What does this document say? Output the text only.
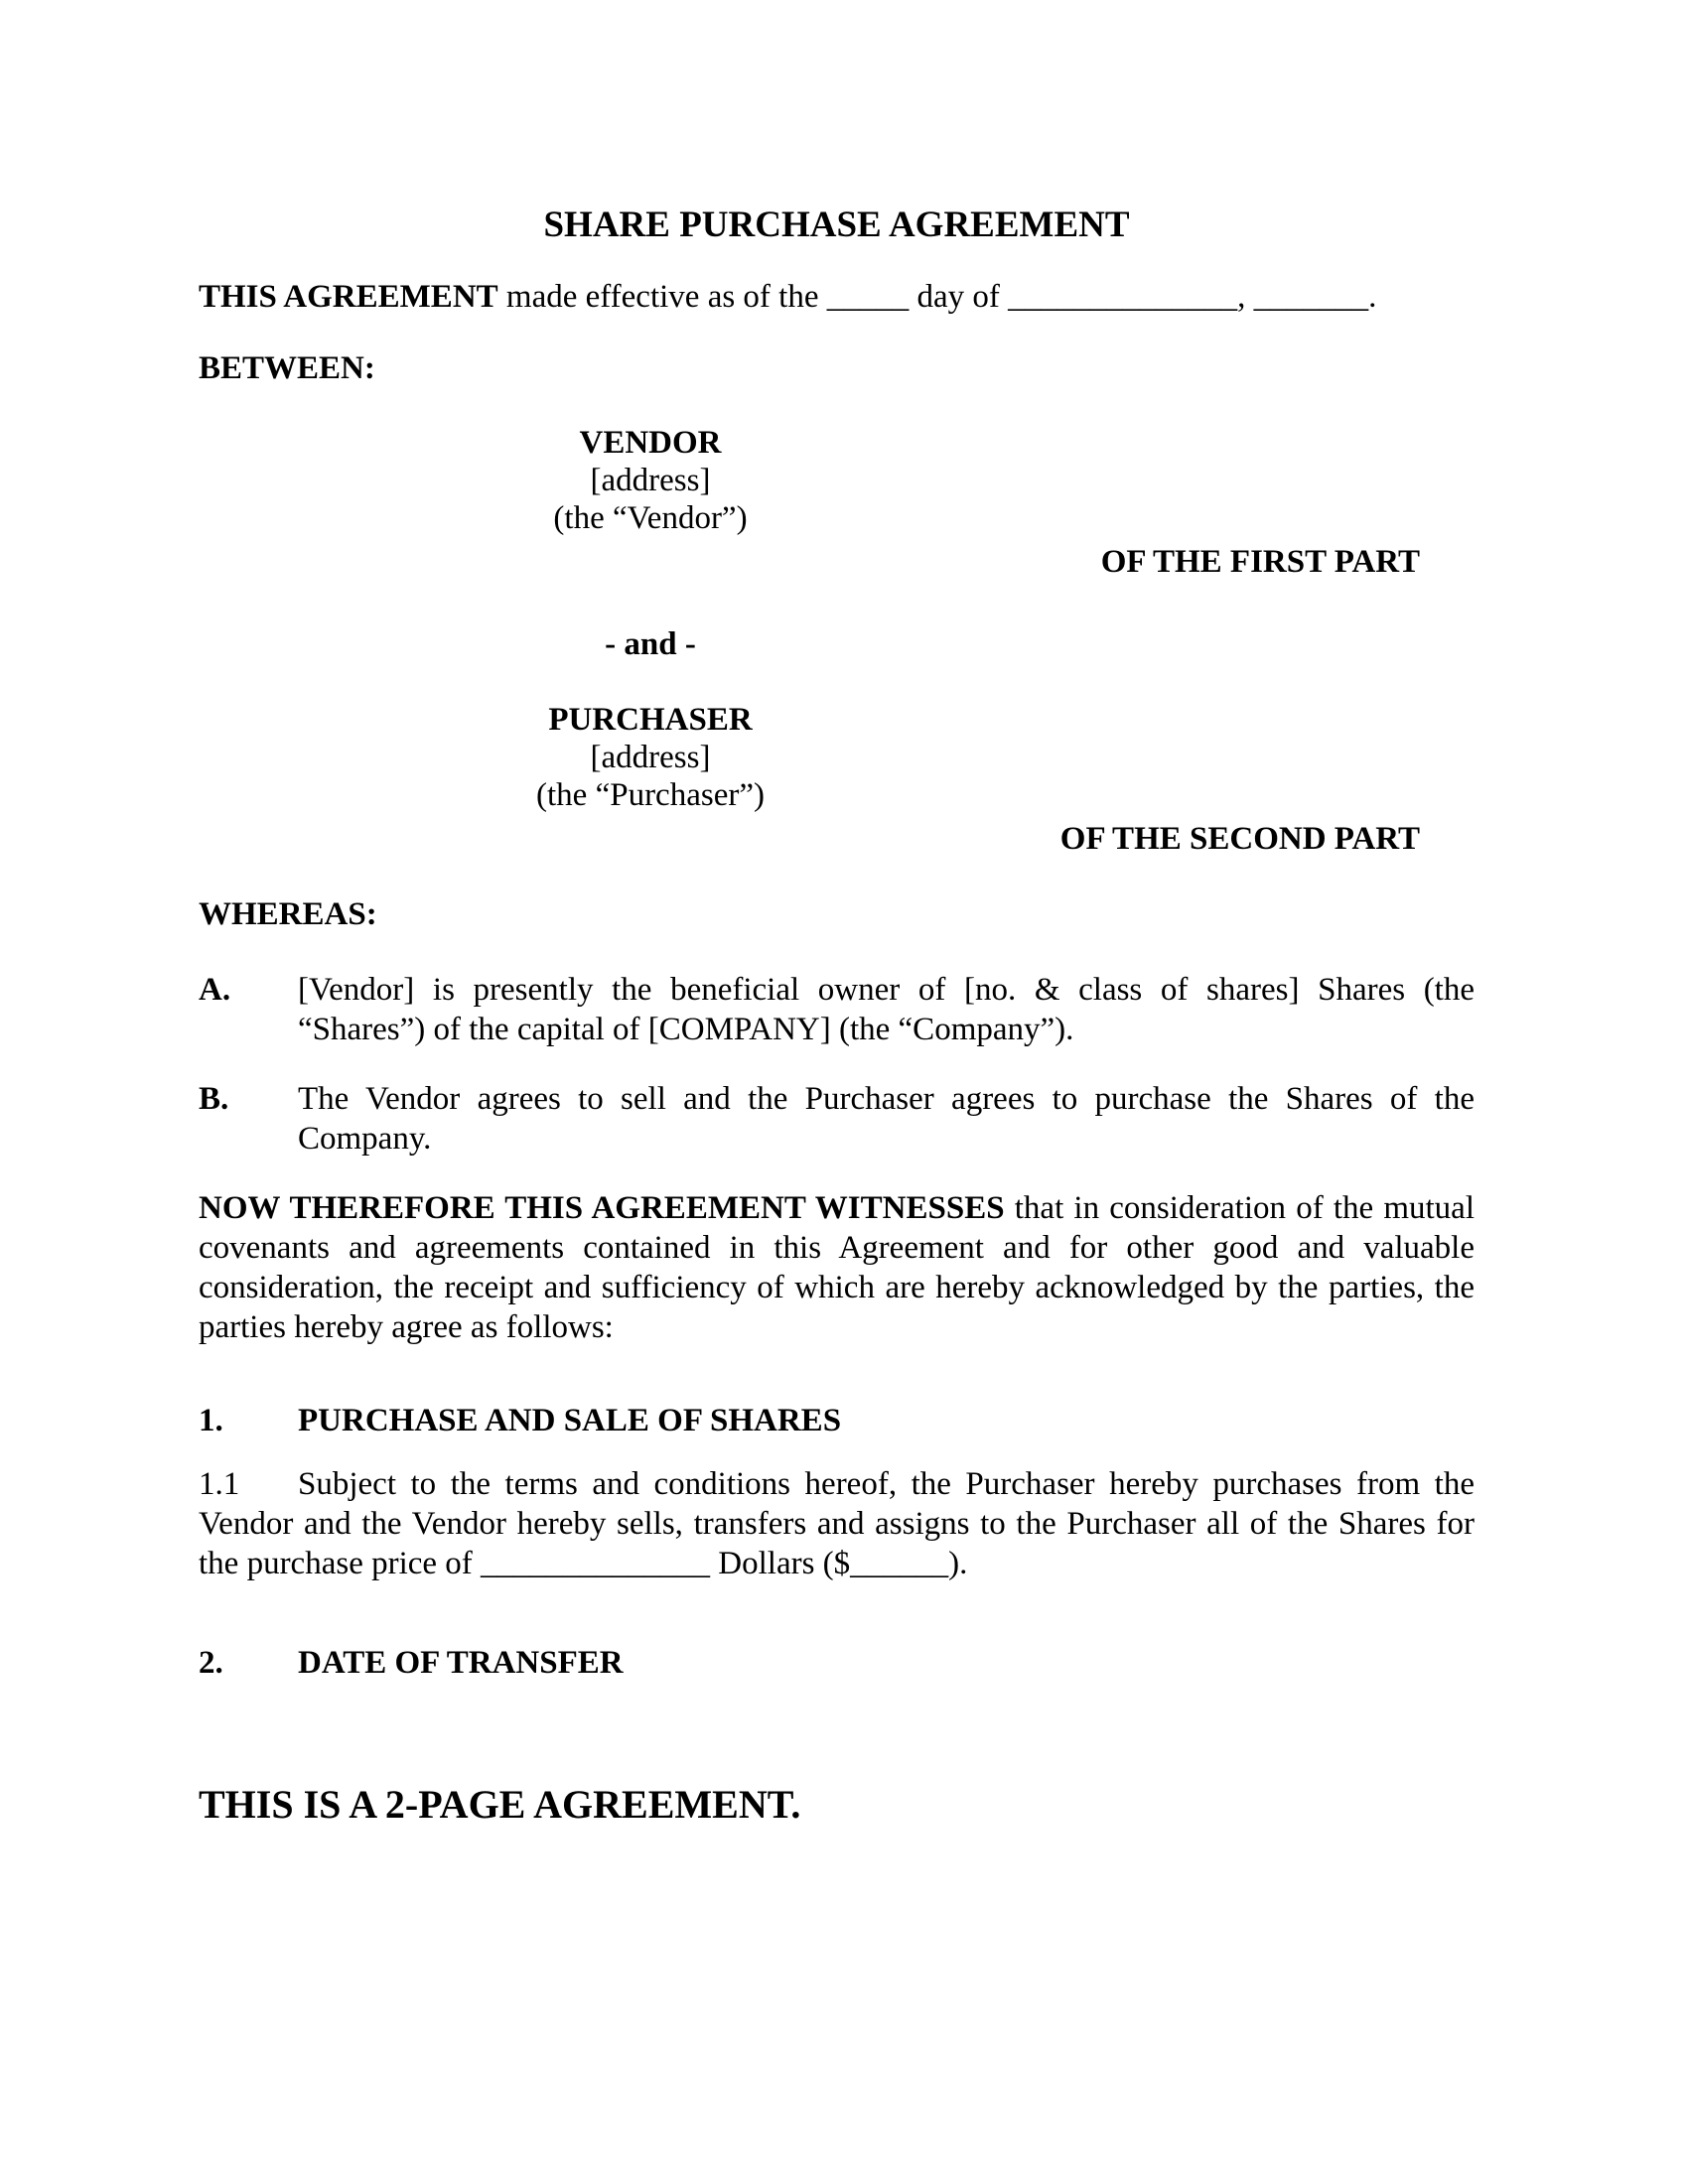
SHARE PURCHASE AGREEMENT

THIS AGREEMENT made effective as of the _____ day of ______________, _______.

BETWEEN:

VENDOR
[address]
(the “Vendor”)
OF THE FIRST PART
- and -
PURCHASER
[address]
(the “Purchaser”)
OF THE SECOND PART

WHEREAS:

A.	[Vendor] is presently the beneficial owner of [no. & class of shares] Shares (the “Shares”) of the capital of [COMPANY] (the “Company”).
B.	The Vendor agrees to sell and the Purchaser agrees to purchase the Shares of the Company.

NOW THEREFORE THIS AGREEMENT WITNESSES that in consideration of the mutual covenants and agreements contained in this Agreement and for other good and valuable consideration, the receipt and sufficiency of which are hereby acknowledged by the parties, the parties hereby agree as follows:

1.	PURCHASE AND SALE OF SHARES

1.1 Subject to the terms and conditions hereof, the Purchaser hereby purchases from the Vendor and the Vendor hereby sells, transfers and assigns to the Purchaser all of the Shares for the purchase price of ______________ Dollars ($______).

2.	DATE OF TRANSFER

THIS IS A 2-PAGE AGREEMENT.
